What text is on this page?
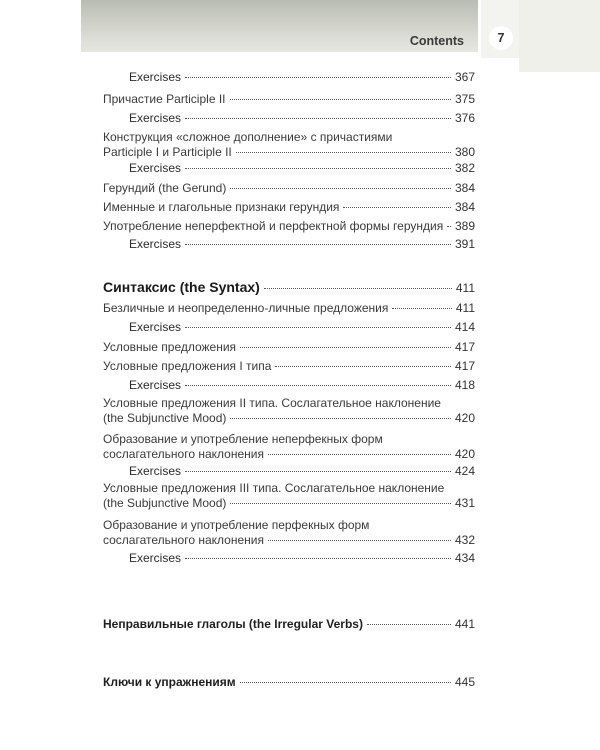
Contents	7
Exercises	367
Причастие Participle II	375
Exercises	376
Конструкция «сложное дополнение» с причастиями
Participle I и Participle II	380
Exercises	382
Герундий (the Gerund)	384
Именные и глагольные признаки герундия	384
Употребление неперфектной и перфектной формы герундия 389
Exercises	391
Синтаксис (the Syntax)	411
Безличные и неопределенно-личные предложения	411
Exercises	414
Условные предложения	417
Условные предложения I типа	417
Exercises	418
Условные предложения II типа. Сослагательное наклонение
(the Subjunctive Mood)	420
Образование и употребление неперфекных форм
сослагательного наклонения	420
Exercises	424
Условные предложения III типа. Сослагательное наклонение
(the Subjunctive Mood)	431
Образование и употребление перфекных форм
сослагательного наклонения	432
Exercises	434
Неправильные глаголы (the Irregular Verbs)	441
Ключи к упражнениям	445
